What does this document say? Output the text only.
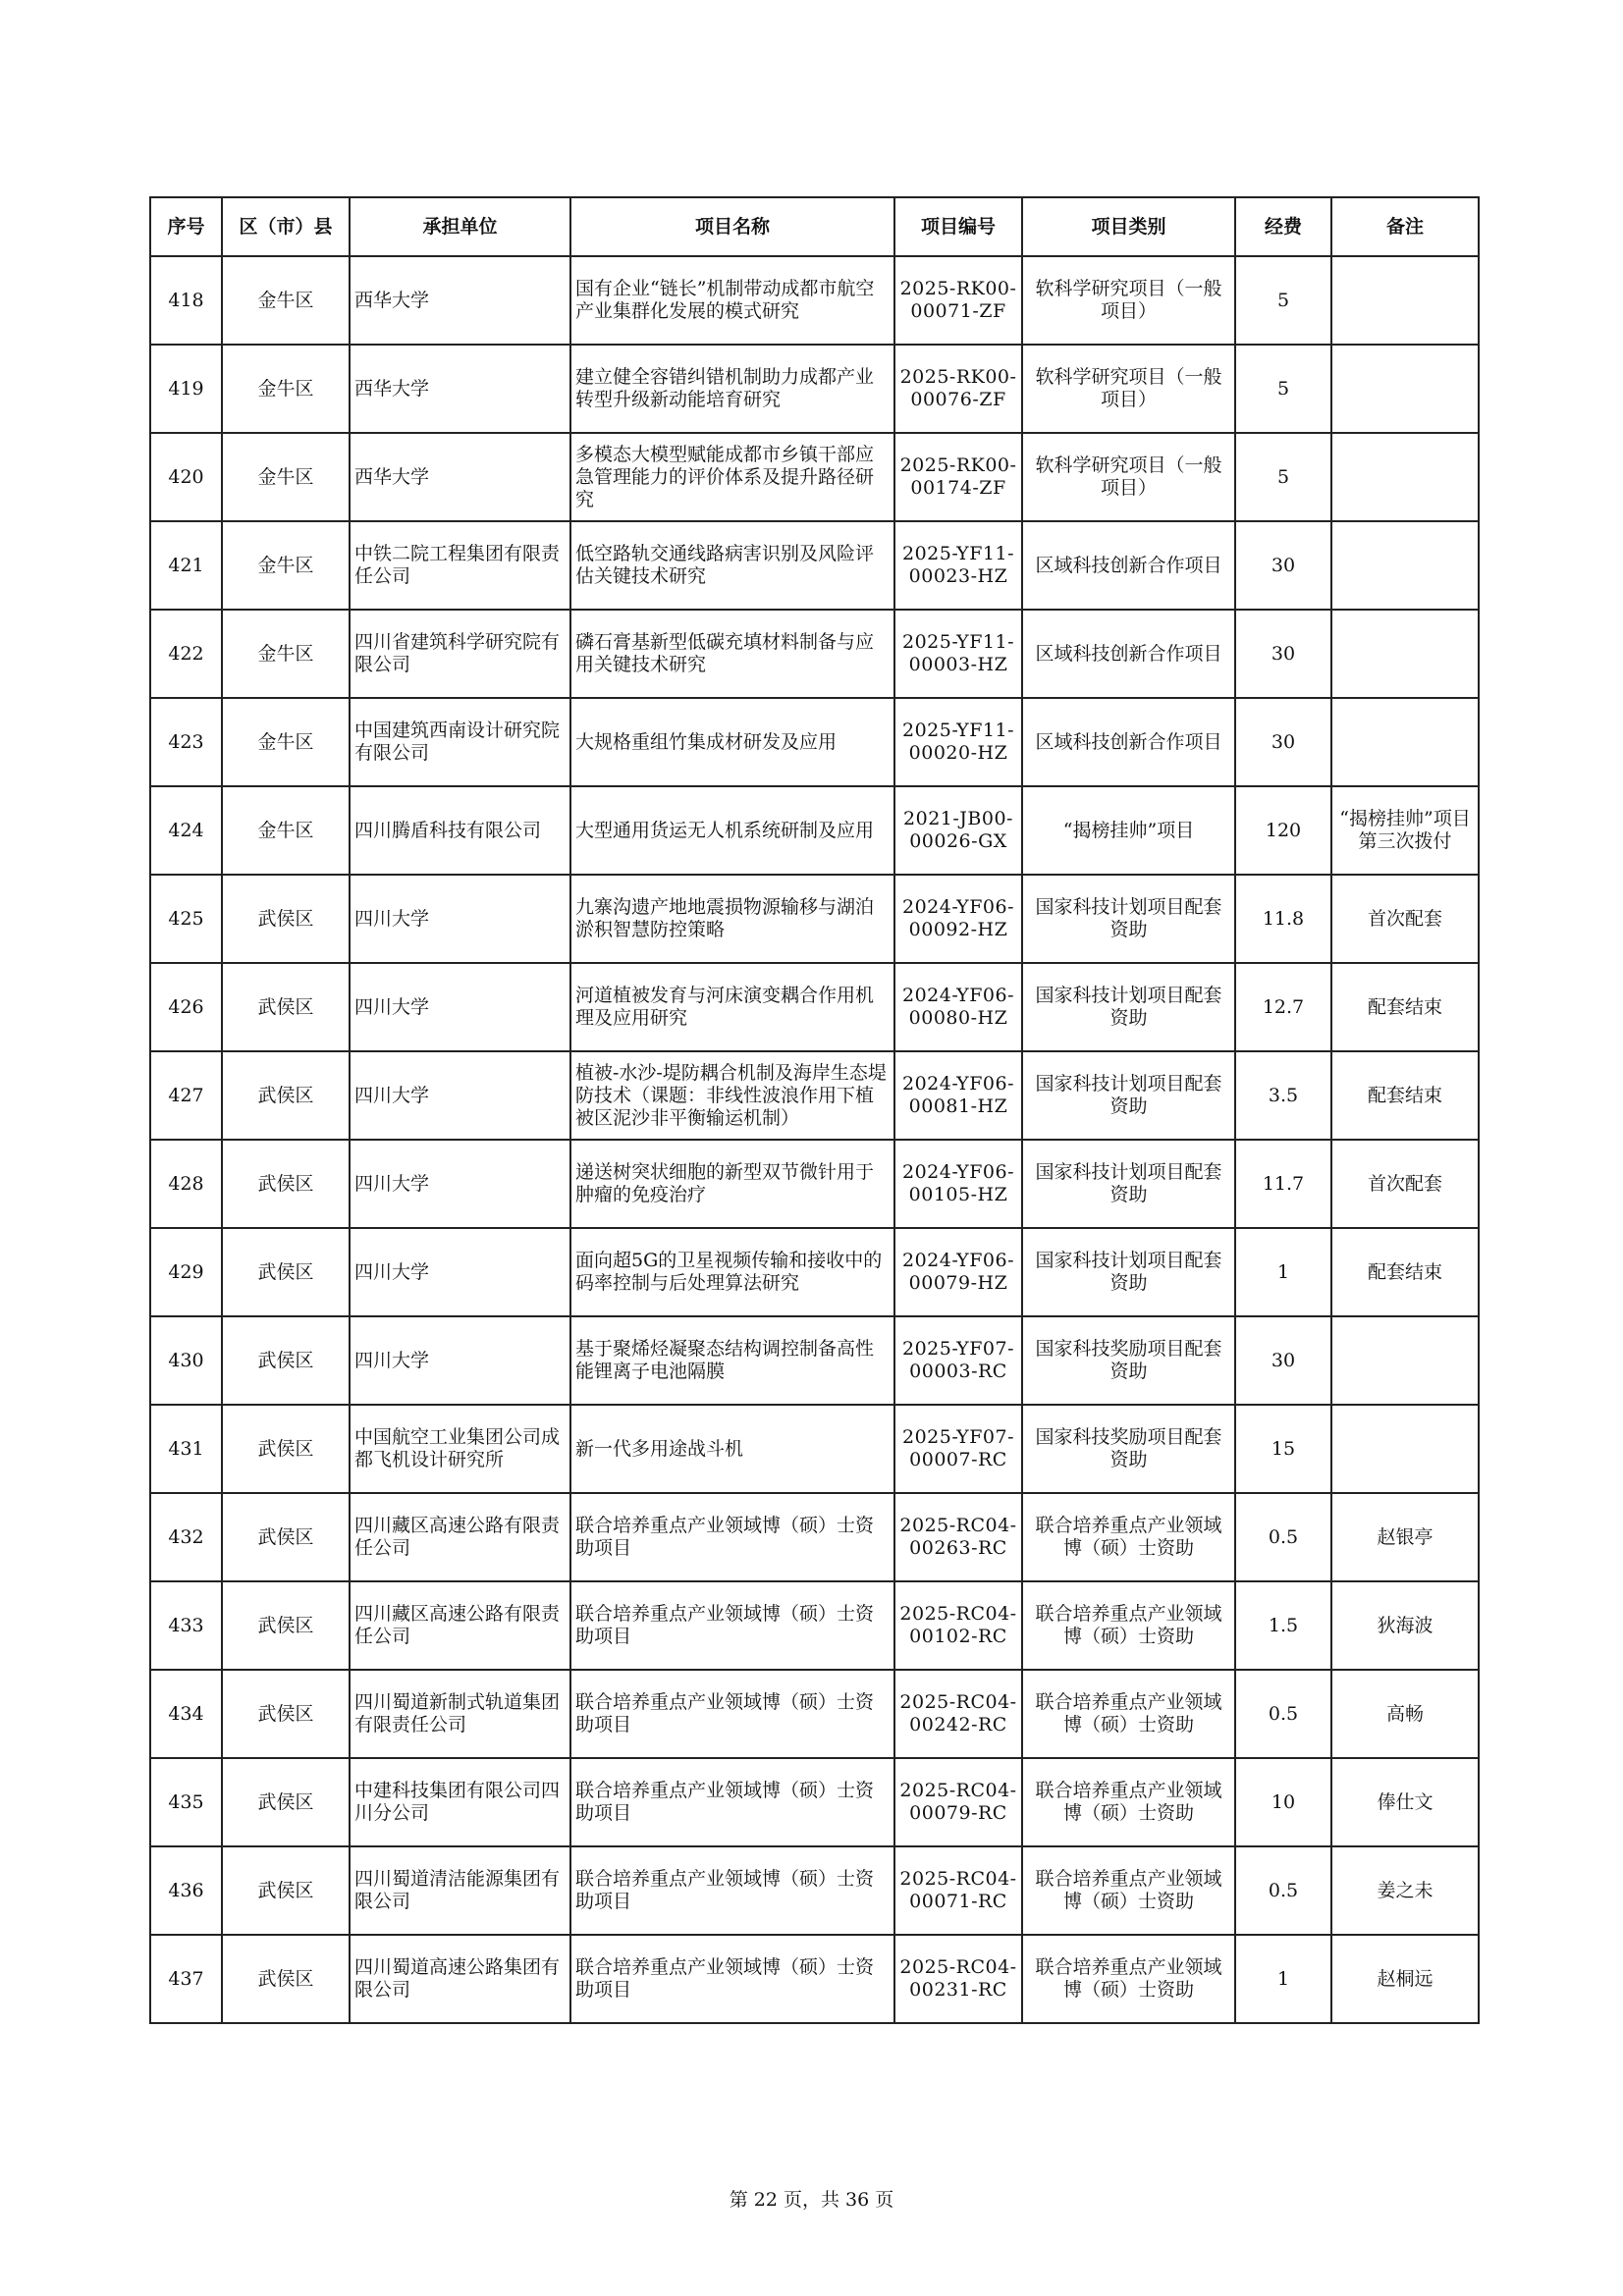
序号	区（市）县	承担单位	项目名称	项目编号	项目类别	经费	备注
418	金牛区	西华大学	国有企业“链长”机制带动成都市航空产业集群化发展的模式研究	2025-RK00-00071-ZF	软科学研究项目（一般项目）	5	
419	金牛区	西华大学	建立健全容错纠错机制助力成都产业转型升级新动能培育研究	2025-RK00-00076-ZF	软科学研究项目（一般项目）	5	
420	金牛区	西华大学	多模态大模型赋能成都市乡镇干部应急管理能力的评价体系及提升路径研究	2025-RK00-00174-ZF	软科学研究项目（一般项目）	5	
421	金牛区	中铁二院工程集团有限责任公司	低空路轨交通线路病害识别及风险评估关键技术研究	2025-YF11-00023-HZ	区域科技创新合作项目	30	
422	金牛区	四川省建筑科学研究院有限公司	磷石膏基新型低碳充填材料制备与应用关键技术研究	2025-YF11-00003-HZ	区域科技创新合作项目	30	
423	金牛区	中国建筑西南设计研究院有限公司	大规格重组竹集成材研发及应用	2025-YF11-00020-HZ	区域科技创新合作项目	30	
424	金牛区	四川腾盾科技有限公司	大型通用货运无人机系统研制及应用	2021-JB00-00026-GX	“揭榜挂帅”项目	120	“揭榜挂帅”项目第三次拨付
425	武侯区	四川大学	九寨沟遗产地地震损物源输移与湖泊淤积智慧防控策略	2024-YF06-00092-HZ	国家科技计划项目配套资助	11.8	首次配套
426	武侯区	四川大学	河道植被发育与河床演变耦合作用机理及应用研究	2024-YF06-00080-HZ	国家科技计划项目配套资助	12.7	配套结束
427	武侯区	四川大学	植被-水沙-堤防耦合机制及海岸生态堤防技术（课题：非线性波浪作用下植被区泥沙非平衡输运机制）	2024-YF06-00081-HZ	国家科技计划项目配套资助	3.5	配套结束
428	武侯区	四川大学	递送树突状细胞的新型双节微针用于肿瘤的免疫治疗	2024-YF06-00105-HZ	国家科技计划项目配套资助	11.7	首次配套
429	武侯区	四川大学	面向超5G的卫星视频传输和接收中的码率控制与后处理算法研究	2024-YF06-00079-HZ	国家科技计划项目配套资助	1	配套结束
430	武侯区	四川大学	基于聚烯烃凝聚态结构调控制备高性能锂离子电池隔膜	2025-YF07-00003-RC	国家科技奖励项目配套资助	30	
431	武侯区	中国航空工业集团公司成都飞机设计研究所	新一代多用途战斗机	2025-YF07-00007-RC	国家科技奖励项目配套资助	15	
432	武侯区	四川藏区高速公路有限责任公司	联合培养重点产业领域博（硕）士资助项目	2025-RC04-00263-RC	联合培养重点产业领域博（硕）士资助	0.5	赵银亭
433	武侯区	四川藏区高速公路有限责任公司	联合培养重点产业领域博（硕）士资助项目	2025-RC04-00102-RC	联合培养重点产业领域博（硕）士资助	1.5	狄海波
434	武侯区	四川蜀道新制式轨道集团有限责任公司	联合培养重点产业领域博（硕）士资助项目	2025-RC04-00242-RC	联合培养重点产业领域博（硕）士资助	0.5	高畅
435	武侯区	中建科技集团有限公司四川分公司	联合培养重点产业领域博（硕）士资助项目	2025-RC04-00079-RC	联合培养重点产业领域博（硕）士资助	10	俸仕文
436	武侯区	四川蜀道清洁能源集团有限公司	联合培养重点产业领域博（硕）士资助项目	2025-RC04-00071-RC	联合培养重点产业领域博（硕）士资助	0.5	姜之未
437	武侯区	四川蜀道高速公路集团有限公司	联合培养重点产业领域博（硕）士资助项目	2025-RC04-00231-RC	联合培养重点产业领域博（硕）士资助	1	赵桐远
第 22 页，共 36 页
